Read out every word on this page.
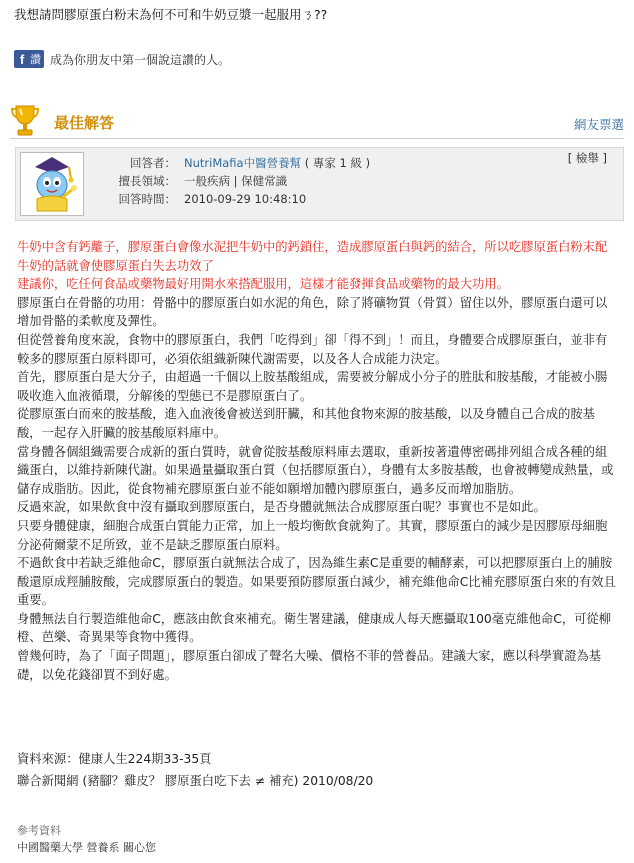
我想請問膠原蛋白粉末為何不可和牛奶豆漿一起服用ㄋ??
f 讚 成為你朋友中第一個說這讚的人。
最佳解答	網友票選
回答者： NutriMafia中醫營養幫 ( 專家 1 級 )
擅長領域： 一般疾病 | 保健常識
回答時間： 2010-09-29 10:48:10
[ 檢舉 ]

牛奶中含有鈣離子，膠原蛋白會像水泥把牛奶中的鈣鎖住，造成膠原蛋白與鈣的結合，所以吃膠原蛋白粉末配牛奶的話就會使膠原蛋白失去功效了

建議你，吃任何食品或藥物最好用開水來搭配服用，這樣才能發揮食品或藥物的最大功用。

膠原蛋白在骨骼的功用：骨骼中的膠原蛋白如水泥的角色，除了將礦物質（骨質）留住以外，膠原蛋白還可以增加骨骼的柔軟度及彈性。

但從營養角度來說，食物中的膠原蛋白，我們「吃得到」卻「得不到」！而且，身體要合成膠原蛋白，並非有較多的膠原蛋白原料即可，必須依組織新陳代謝需要，以及各人合成能力決定。

首先，膠原蛋白是大分子，由超過一千個以上胺基酸組成，需要被分解成小分子的胜肽和胺基酸，才能被小腸吸收進入血液循環，分解後的型態已不是膠原蛋白了。

從膠原蛋白而來的胺基酸，進入血液後會被送到肝臟，和其他食物來源的胺基酸，以及身體自己合成的胺基酸，一起存入肝臟的胺基酸原料庫中。

當身體各個組織需要合成新的蛋白質時，就會從胺基酸原料庫去選取，重新按著遺傳密碼排列組合成各種的組織蛋白，以維持新陳代謝。如果過量攝取蛋白質（包括膠原蛋白），身體有太多胺基酸，也會被轉變成熱量，或儲存成脂肪。因此，從食物補充膠原蛋白並不能如願增加體內膠原蛋白，過多反而增加脂肪。

反過來說，如果飲食中沒有攝取到膠原蛋白，是否身體就無法合成膠原蛋白呢？事實也不是如此。

只要身體健康，細胞合成蛋白質能力正常，加上一般均衡飲食就夠了。其實，膠原蛋白的減少是因膠原母細胞分泌荷爾蒙不足所致，並不是缺乏膠原蛋白原料。

不過飲食中若缺乏維他命C，膠原蛋白就無法合成了，因為維生素C是重要的輔酵素，可以把膠原蛋白上的脯胺酸還原成羥脯胺酸，完成膠原蛋白的製造。如果要預防膠原蛋白減少，補充維他命C比補充膠原蛋白來的有效且重要。

身體無法自行製造維他命C，應該由飲食來補充。衛生署建議，健康成人每天應攝取100毫克維他命C，可從柳橙、芭樂、奇異果等食物中獲得。

曾幾何時，為了「面子問題」，膠原蛋白卻成了聲名大噪、價格不菲的營養品。建議大家，應以科學實證為基礎，以免花錢卻買不到好處。

資料來源：健康人生224期33-35頁
聯合新聞網 (豬腳？雞皮？ 膠原蛋白吃下去 ≠ 補充) 2010/08/20
參考資料
中國醫藥大學 營養系 關心您
